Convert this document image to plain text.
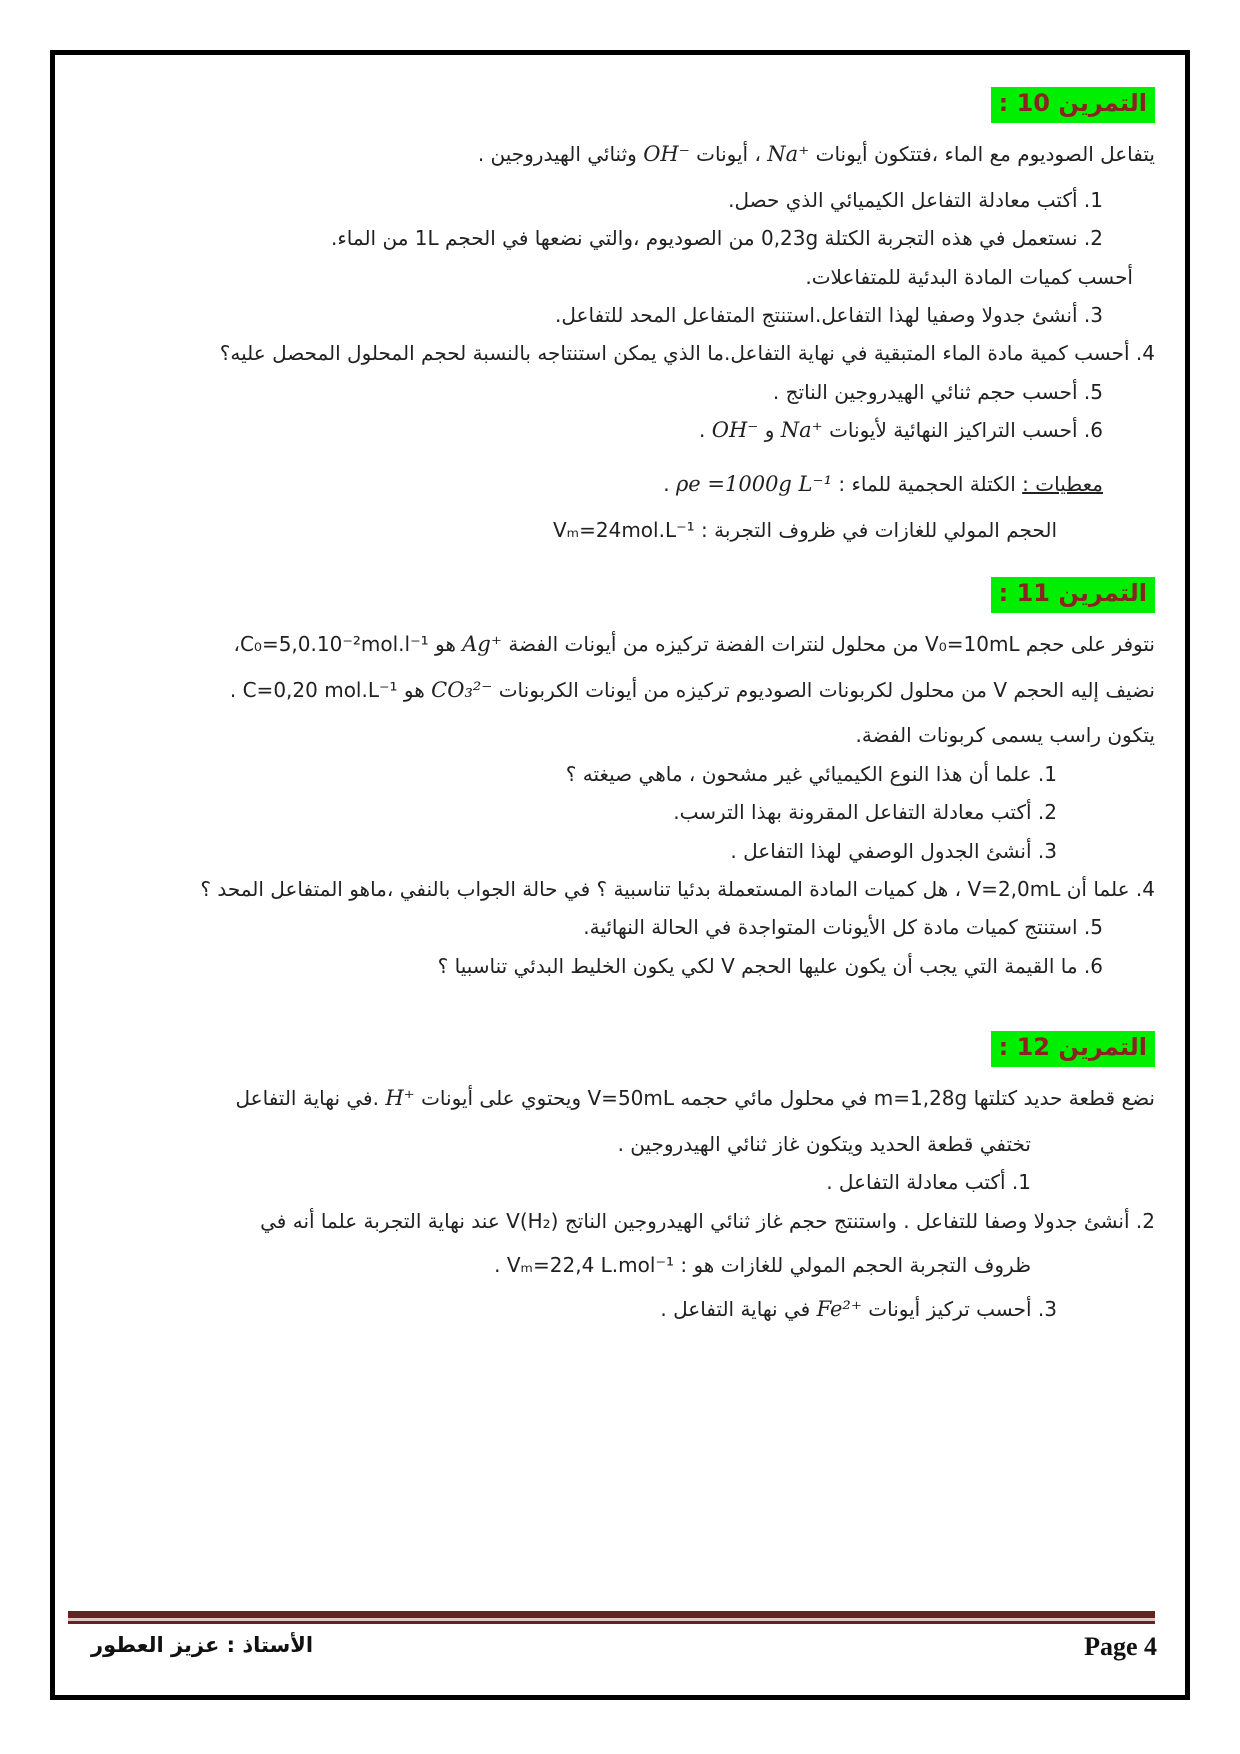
التمرين 10 :
يتفاعل الصوديوم مع الماء ،فتتكون أيونات Na⁺ ، أيونات OH⁻ وثنائي الهيدروجين .
1. أكتب معادلة التفاعل الكيميائي الذي حصل.
2. نستعمل في هذه التجربة الكتلة 0,23g من الصوديوم ،والتي نضعها في الحجم 1L من الماء.
أحسب كميات المادة البدئية للمتفاعلات.
3. أنشئ جدولا وصفيا لهذا التفاعل.استنتج المتفاعل المحد للتفاعل.
4. أحسب كمية مادة الماء المتبقية في نهاية التفاعل.ما الذي يمكن استنتاجه بالنسبة لحجم المحلول المحصل عليه؟
5. أحسب حجم ثنائي الهيدروجين الناتج .
6. أحسب التراكيز النهائية لأيونات Na⁺ و OH⁻ .
معطيات : الكتلة الحجمية للماء : ρe =1000g L⁻¹ .
الحجم المولي للغازات في ظروف التجربة : Vₘ=24mol.L⁻¹
التمرين 11 :
نتوفر على حجم V₀=10mL من محلول لنترات الفضة تركيزه من أيونات الفضة Ag⁺ هو C₀=5,0.10⁻²mol.l⁻¹،
نضيف إليه الحجم V من محلول لكربونات الصوديوم تركيزه من أيونات الكربونات CO₃²⁻ هو C=0,20 mol.L⁻¹ .
يتكون راسب يسمى كربونات الفضة.
1. علما أن هذا النوع الكيميائي غير مشحون ، ماهي صيغته ؟
2. أكتب معادلة التفاعل المقرونة بهذا الترسب.
3. أنشئ الجدول الوصفي لهذا التفاعل .
4. علما أن V=2,0mL ، هل كميات المادة المستعملة بدئيا تناسبية ؟ في حالة الجواب بالنفي ،ماهو المتفاعل المحد ؟
5. استنتج كميات مادة كل الأيونات المتواجدة في الحالة النهائية.
6. ما القيمة التي يجب أن يكون عليها الحجم V لكي يكون الخليط البدئي تناسبيا ؟
التمرين 12 :
نضع قطعة حديد كتلتها m=1,28g في محلول مائي حجمه V=50mL ويحتوي على أيونات H⁺ .في نهاية التفاعل
تختفي قطعة الحديد ويتكون غاز ثنائي الهيدروجين .
1. أكتب معادلة التفاعل .
2. أنشئ جدولا وصفا للتفاعل . واستنتج حجم غاز ثنائي الهيدروجين الناتج V(H₂) عند نهاية التجربة علما أنه في
ظروف التجربة الحجم المولي للغازات هو : Vₘ=22,4 L.mol⁻¹ .
3. أحسب تركيز أيونات Fe²⁺ في نهاية التفاعل .
الأستاذ : عزيز العطور	Page 4
